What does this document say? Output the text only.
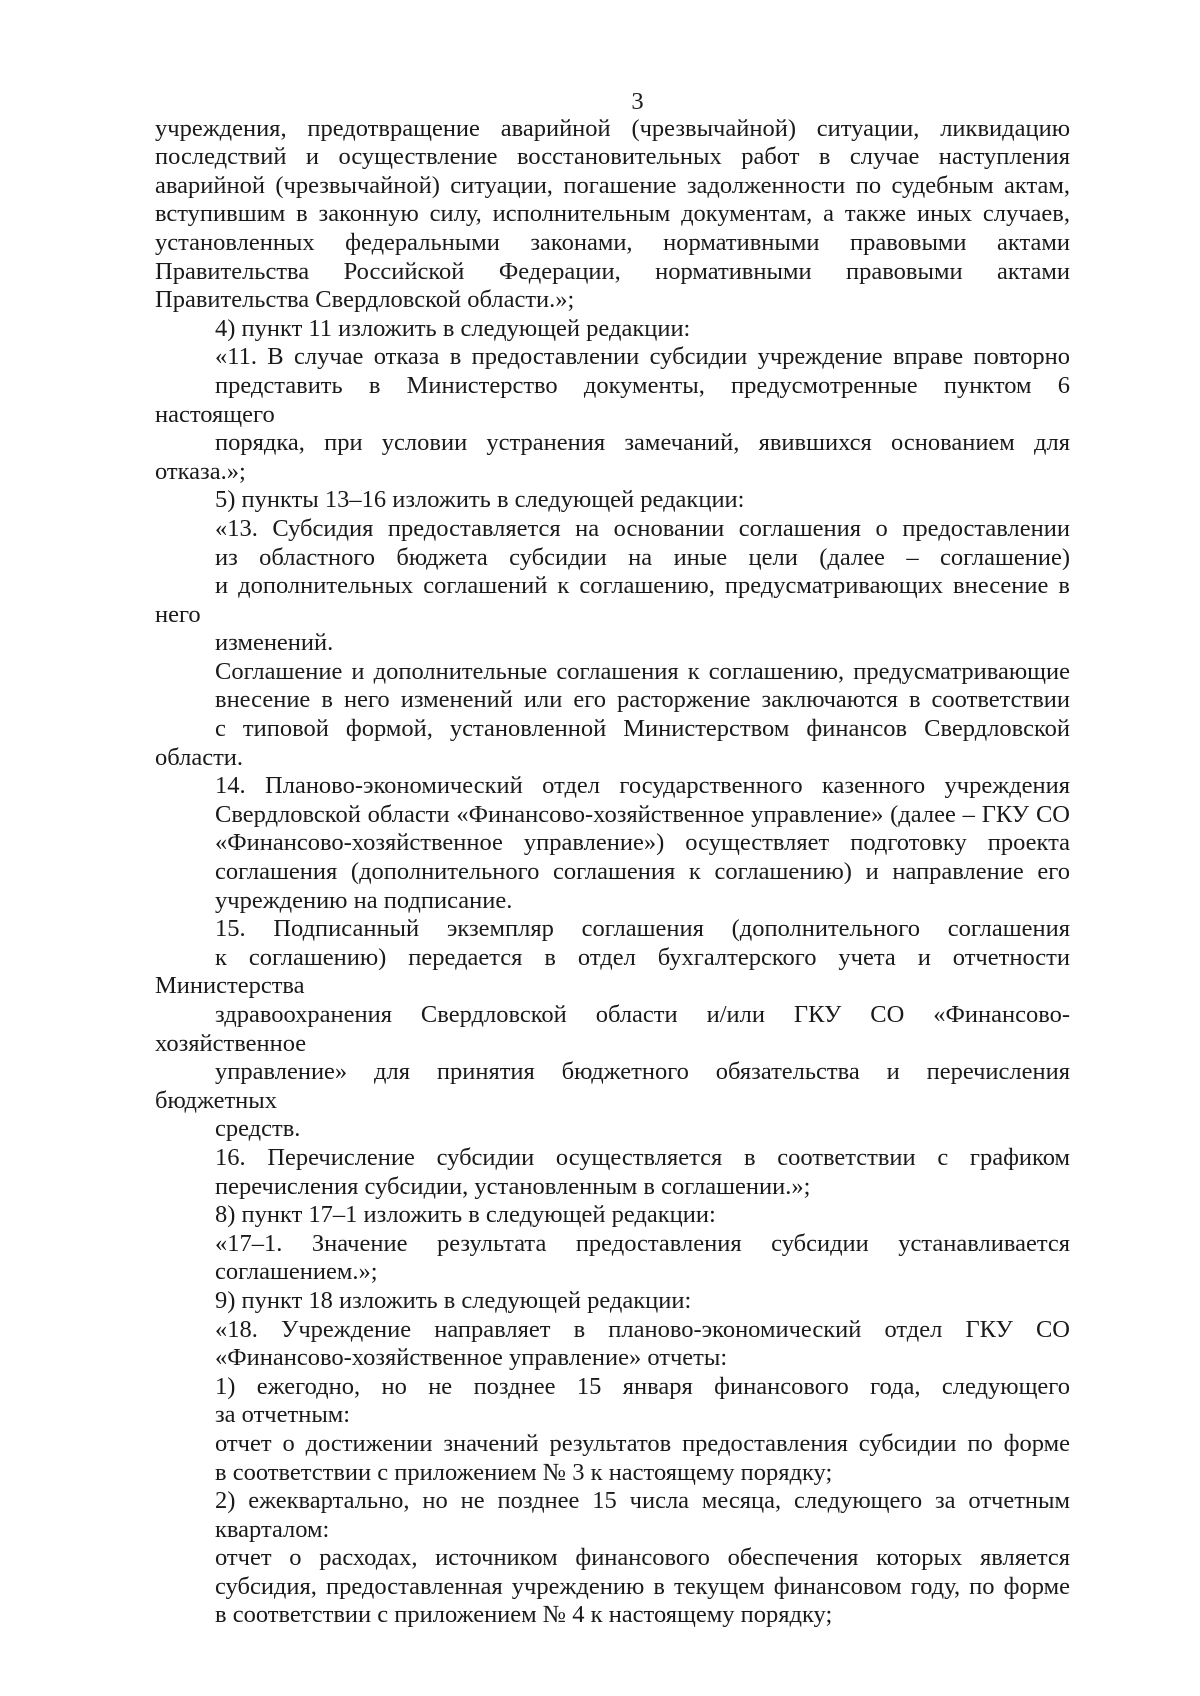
3
учреждения, предотвращение аварийной (чрезвычайной) ситуации, ликвидацию
последствий и осуществление восстановительных работ в случае наступления
аварийной (чрезвычайной) ситуации, погашение задолженности по судебным актам,
вступившим в законную силу, исполнительным документам, а также иных случаев,
установленных федеральными законами, нормативными правовыми актами
Правительства Российской Федерации, нормативными правовыми актами
Правительства Свердловской области.»;
4) пункт 11 изложить в следующей редакции:
«11. В случае отказа в предоставлении субсидии учреждение вправе повторно
представить в Министерство документы, предусмотренные пунктом 6 настоящего
порядка, при условии устранения замечаний, явившихся основанием для отказа.»;
5) пункты 13–16 изложить в следующей редакции:
«13. Субсидия предоставляется на основании соглашения о предоставлении
из областного бюджета субсидии на иные цели (далее – соглашение)
и дополнительных соглашений к соглашению, предусматривающих внесение в него
изменений.
Соглашение и дополнительные соглашения к соглашению, предусматривающие
внесение в него изменений или его расторжение заключаются в соответствии
с типовой формой, установленной Министерством финансов Свердловской области.
14. Планово-экономический отдел государственного казенного учреждения
Свердловской области «Финансово-хозяйственное управление» (далее – ГКУ СО
«Финансово-хозяйственное управление») осуществляет подготовку проекта
соглашения (дополнительного соглашения к соглашению) и направление его
учреждению на подписание.
15. Подписанный экземпляр соглашения (дополнительного соглашения
к соглашению) передается в отдел бухгалтерского учета и отчетности Министерства
здравоохранения Свердловской области и/или ГКУ СО «Финансово-хозяйственное
управление» для принятия бюджетного обязательства и перечисления бюджетных
средств.
16. Перечисление субсидии осуществляется в соответствии с графиком
перечисления субсидии, установленным в соглашении.»;
8) пункт 17–1 изложить в следующей редакции:
«17–1. Значение результата предоставления субсидии устанавливается
соглашением.»;
9) пункт 18 изложить в следующей редакции:
«18. Учреждение направляет в планово-экономический отдел ГКУ СО
«Финансово-хозяйственное управление» отчеты:
1) ежегодно, но не позднее 15 января финансового года, следующего
за отчетным:
отчет о достижении значений результатов предоставления субсидии по форме
в соответствии с приложением № 3 к настоящему порядку;
2) ежеквартально, но не позднее 15 числа месяца, следующего за отчетным
кварталом:
отчет о расходах, источником финансового обеспечения которых является
субсидия, предоставленная учреждению в текущем финансовом году, по форме
в соответствии с приложением № 4 к настоящему порядку;
